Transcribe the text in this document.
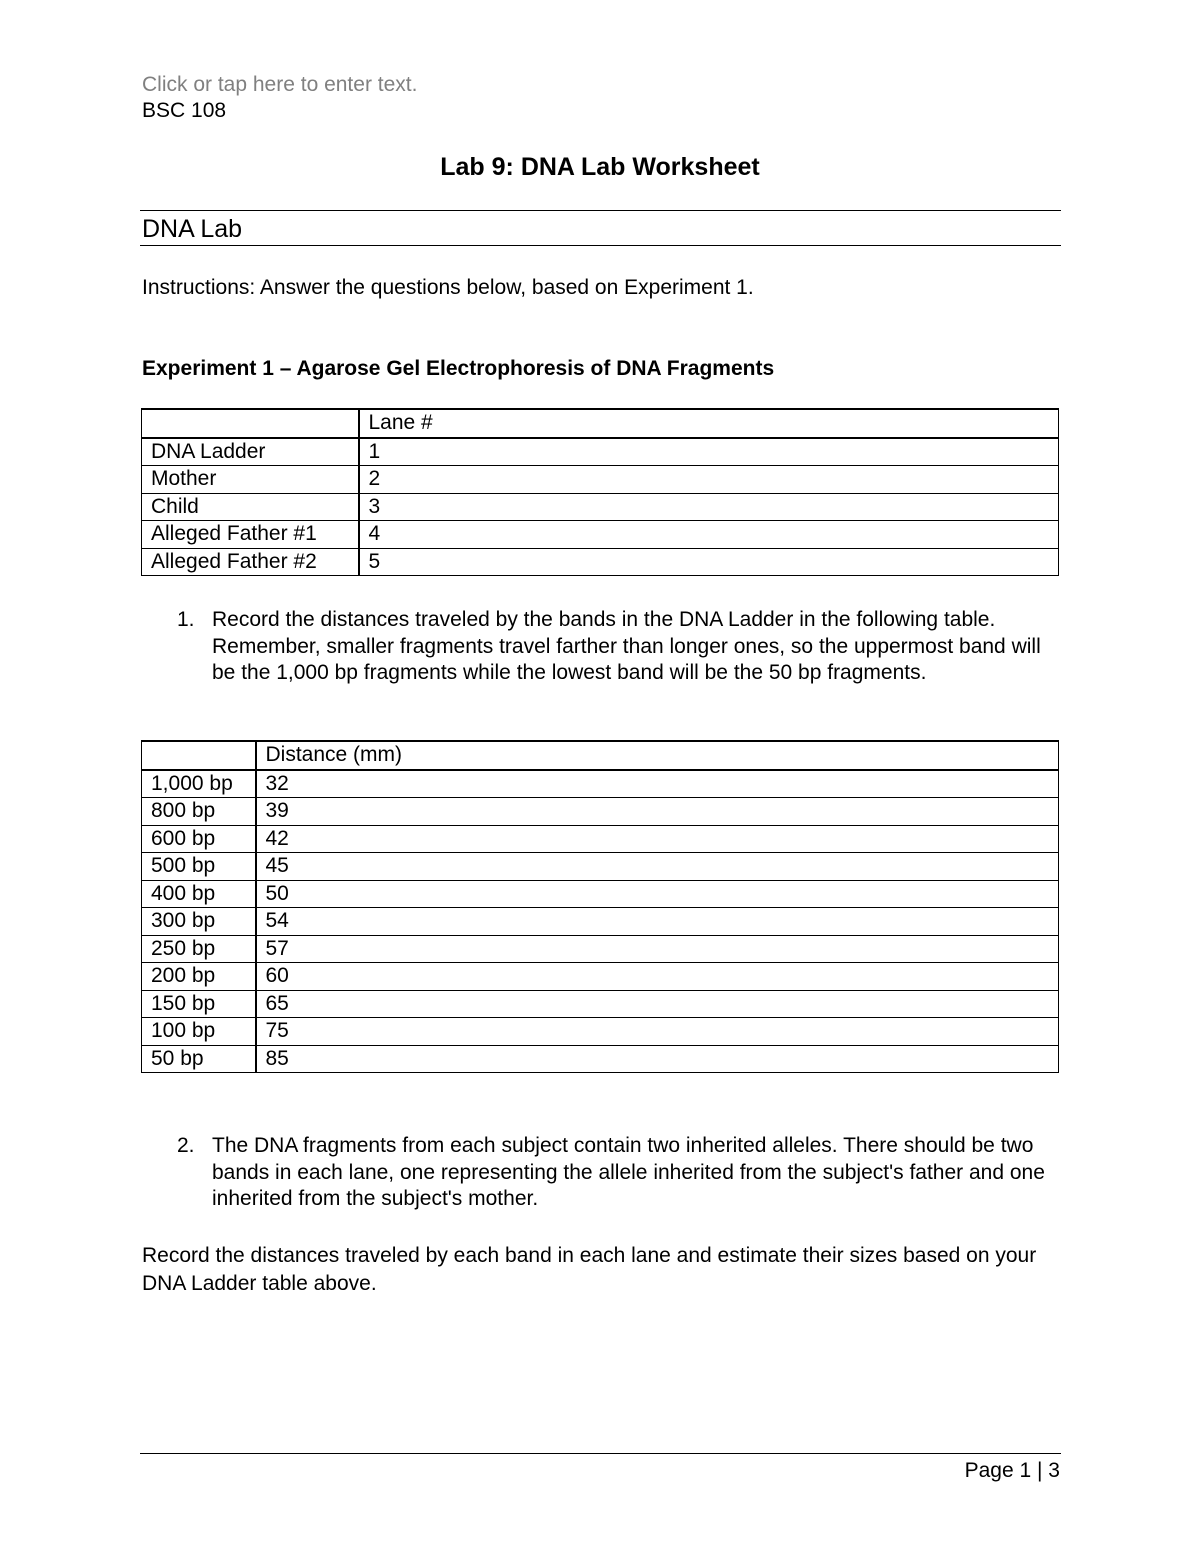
Click or tap here to enter text.
BSC 108
Lab 9: DNA Lab Worksheet
DNA Lab
Instructions: Answer the questions below, based on Experiment 1.
Experiment 1 – Agarose Gel Electrophoresis of DNA Fragments
	Lane #
DNA Ladder	1
Mother	2
Child	3
Alleged Father #1	4
Alleged Father #2	5
1. Record the distances traveled by the bands in the DNA Ladder in the following table. Remember, smaller fragments travel farther than longer ones, so the uppermost band will be the 1,000 bp fragments while the lowest band will be the 50 bp fragments.
	Distance (mm)
1,000 bp	32
800 bp	39
600 bp	42
500 bp	45
400 bp	50
300 bp	54
250 bp	57
200 bp	60
150 bp	65
100 bp	75
50 bp	85
2. The DNA fragments from each subject contain two inherited alleles. There should be two bands in each lane, one representing the allele inherited from the subject's father and one inherited from the subject's mother.
Record the distances traveled by each band in each lane and estimate their sizes based on your DNA Ladder table above.
Page 1 | 3
